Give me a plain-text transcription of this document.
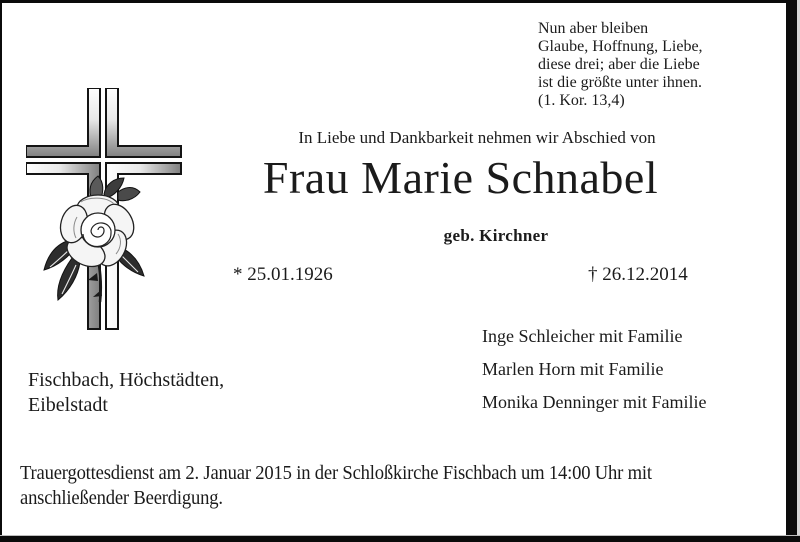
Nun aber bleiben
Glaube, Hoffnung, Liebe,
diese drei; aber die Liebe
ist die größte unter ihnen.
(1. Kor. 13,4)
In Liebe und Dankbarkeit nehmen wir Abschied von
Frau Marie Schnabel
geb. Kirchner
* 25.01.1926	† 26.12.2014
Inge Schleicher mit Familie
Marlen Horn mit Familie
Monika Denninger mit Familie
Fischbach, Höchstädten,
Eibelstadt
Trauergottesdienst am 2. Januar 2015 in der Schloßkirche Fischbach um 14:00 Uhr mit
anschließender Beerdigung.
